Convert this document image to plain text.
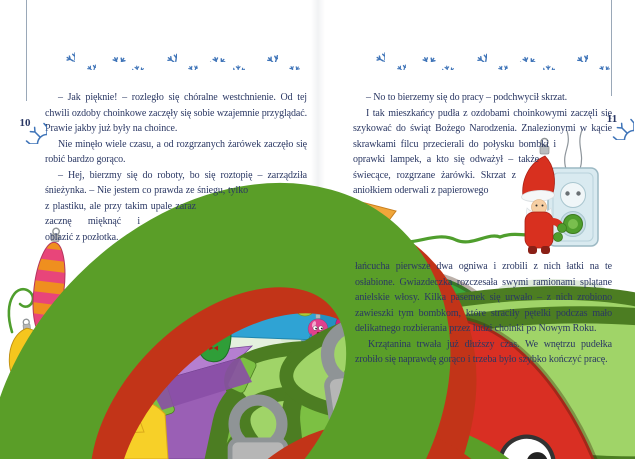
10	11

– Jak pięknie! – rozległo się chóralne westchnienie. Od tej chwili ozdoby choinkowe zaczęły się sobie wzajemnie przyglądać. Prawie jakby już były na choince.

Nie minęło wiele czasu, a od rozgrzanych żarówek zaczęło się robić bardzo gorąco.

– Hej, bierzmy się do roboty, bo się roztopię – zarządziła śnieżynka. – Nie jestem co prawda ze śniegu, tylko z plastiku, ale przy takim upale zaraz zacznę mięknąć i oblazić z pozłotka.

– No to bierzemy się do pracy – podchwycił skrzat.

I tak mieszkańcy pudła z ozdobami choinkowymi zaczęli się szykować do świąt Bożego Narodzenia. Znalezionymi w kącie skrawkami filcu przecierali do połysku bombki i oprawki lampek, a kto się odważył – także świecące, rozgrzane żarówki. Skrzat z aniołkiem oderwali z papierowego

łańcucha pierwsze dwa ogniwa i zrobili z nich łatki na te osłabione. Gwiazdeczka rozczesała swymi ramionami splątane anielskie włosy. Kilka pasemek się urwało – z nich zrobiono zawieszki tym bombkom, które straciły pętelki podczas mało delikatnego rozbierania przez ludzi choinki po Nowym Roku.

Krzątanina trwała już dłuższy czas. We wnętrzu pudełka zrobiło się naprawdę gorąco i trzeba było szybko kończyć pracę.
